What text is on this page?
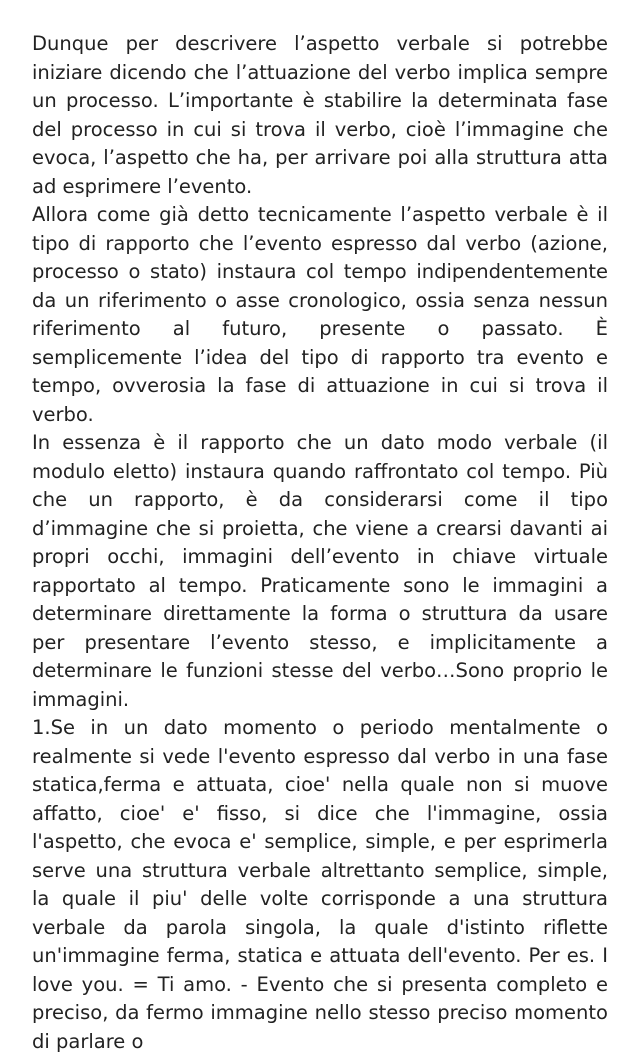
Dunque per descrivere l’aspetto verbale si potrebbe iniziare dicendo che l’attuazione del verbo implica sempre un processo. L’importante è stabilire la determinata fase del processo in cui si trova il verbo, cioè l’immagine che evoca, l’aspetto che ha, per arrivare poi alla struttura atta ad esprimere l’evento.

Allora come già detto tecnicamente l’aspetto verbale è il tipo di rapporto che l’evento espresso dal verbo (azione, processo o stato) instaura col tempo indipendentemente da un riferimento o asse cronologico, ossia senza nessun riferimento al futuro, presente o passato. È semplicemente l’idea del tipo di rapporto tra evento e tempo, ovverosia la fase di attuazione in cui si trova il verbo.

In essenza è il rapporto che un dato modo verbale (il modulo eletto) instaura quando raffrontato col tempo. Più che un rapporto, è da considerarsi come il tipo d’immagine che si proietta, che viene a crearsi davanti ai propri occhi, immagini dell’evento in chiave virtuale rapportato al tempo. Praticamente sono le immagini a determinare direttamente la forma o struttura da usare per presentare l’evento stesso, e implicitamente a determinare le funzioni stesse del verbo…Sono proprio le immagini.

1.Se in un dato momento o periodo mentalmente o realmente si vede l'evento espresso dal verbo in una fase statica,ferma e attuata, cioe' nella quale non si muove affatto, cioe' e' fisso, si dice che l'immagine, ossia l'aspetto, che evoca e' semplice, simple, e per esprimerla serve una struttura verbale altrettanto semplice, simple, la quale il piu' delle volte corrisponde a una struttura verbale da parola singola, la quale d'istinto riflette un'immagine ferma, statica e attuata dell'evento. Per es. I love you. = Ti amo. - Evento che si presenta completo e preciso, da fermo immagine nello stesso preciso momento di parlare o
